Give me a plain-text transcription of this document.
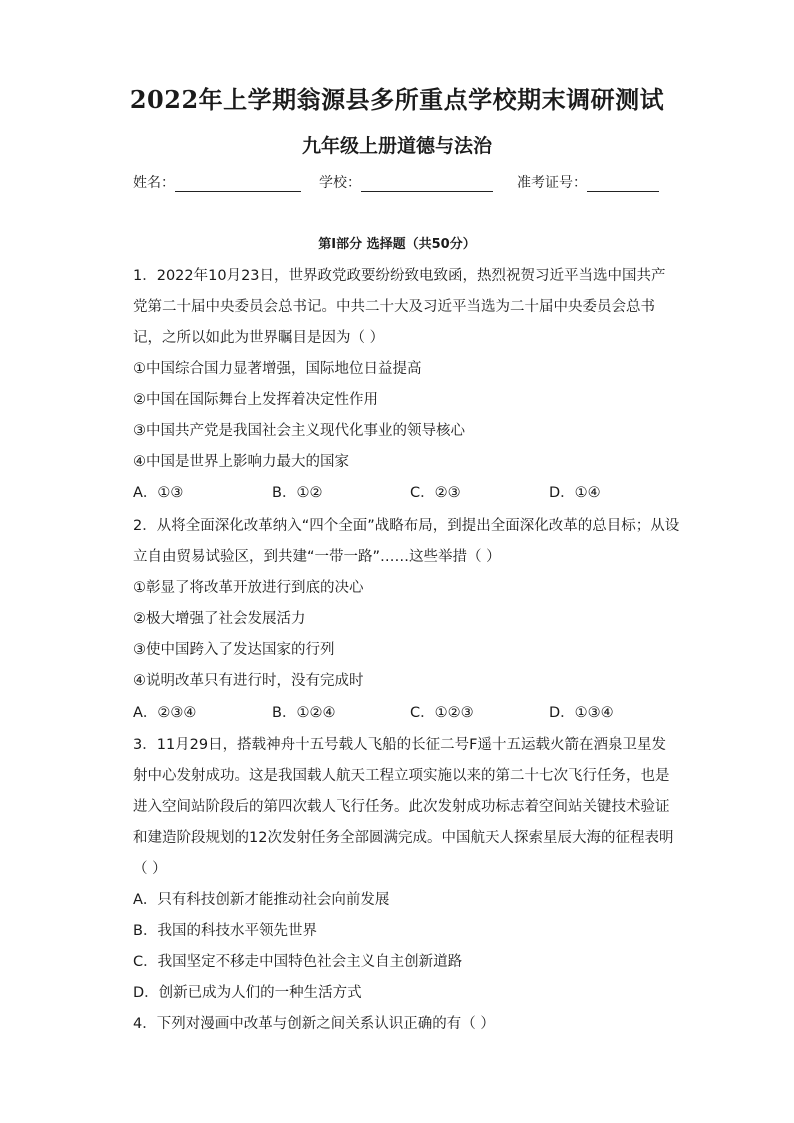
2022年上学期翁源县多所重点学校期末调研测试
九年级上册道德与法治
姓名：	学校：	准考证号：
第I部分 选择题（共50分）
1．2022年10月23日，世界政党政要纷纷致电致函，热烈祝贺习近平当选中国共产
党第二十届中央委员会总书记。中共二十大及习近平当选为二十届中央委员会总书
记，之所以如此为世界瞩目是因为（ ）
①中国综合国力显著增强，国际地位日益提高
②中国在国际舞台上发挥着决定性作用
③中国共产党是我国社会主义现代化事业的领导核心
④中国是世界上影响力最大的国家
A．①③	B．①②	C．②③	D．①④
2．从将全面深化改革纳入“四个全面”战略布局，到提出全面深化改革的总目标；从设
立自由贸易试验区，到共建“一带一路”……这些举措（ ）
①彰显了将改革开放进行到底的决心
②极大增强了社会发展活力
③使中国跨入了发达国家的行列
④说明改革只有进行时，没有完成时
A．②③④	B．①②④	C．①②③	D．①③④
3．11月29日，搭载神舟十五号载人飞船的长征二号F遥十五运载火箭在酒泉卫星发
射中心发射成功。这是我国载人航天工程立项实施以来的第二十七次飞行任务，也是
进入空间站阶段后的第四次载人飞行任务。此次发射成功标志着空间站关键技术验证
和建造阶段规划的12次发射任务全部圆满完成。中国航天人探索星辰大海的征程表明
（ ）
A．只有科技创新才能推动社会向前发展
B．我国的科技水平领先世界
C．我国坚定不移走中国特色社会主义自主创新道路
D．创新已成为人们的一种生活方式
4．下列对漫画中改革与创新之间关系认识正确的有（ ）
